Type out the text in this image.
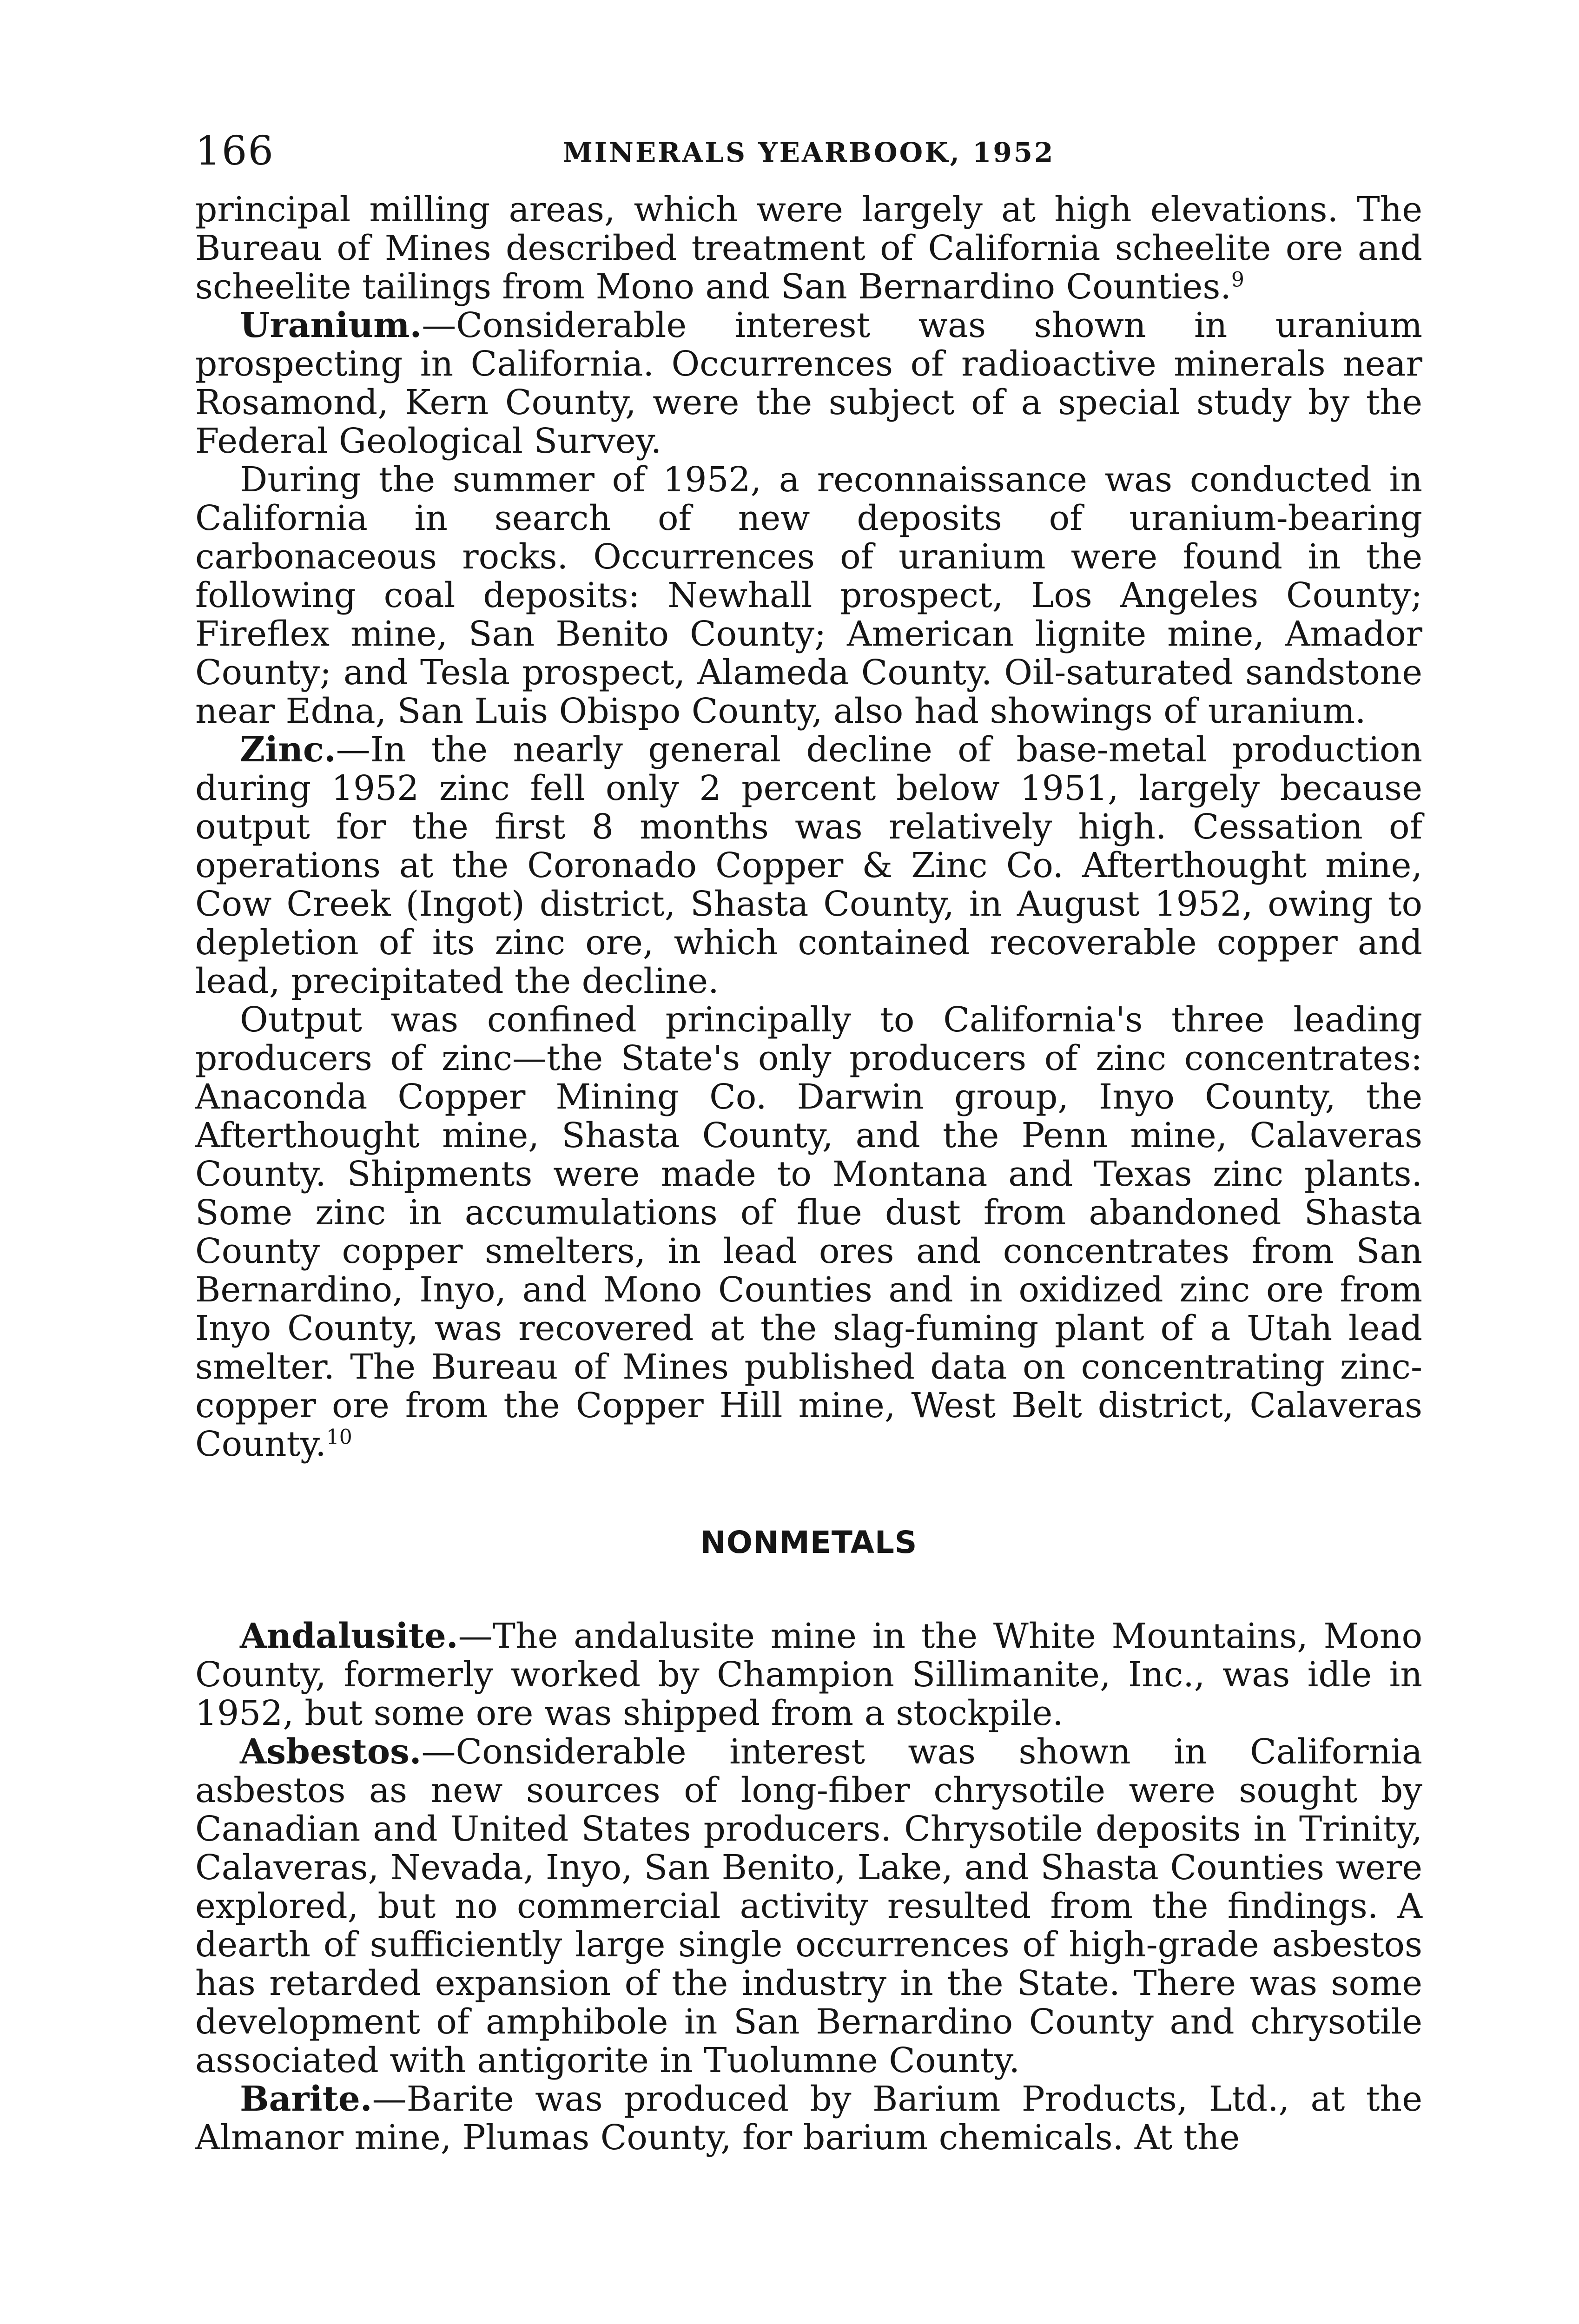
166	MINERALS YEARBOOK, 1952

principal milling areas, which were largely at high elevations. The Bureau of Mines described treatment of California scheelite ore and scheelite tailings from Mono and San Bernardino Counties.$^9$

Uranium.—Considerable interest was shown in uranium prospecting in California. Occurrences of radioactive minerals near Rosamond, Kern County, were the subject of a special study by the Federal Geological Survey.

During the summer of 1952, a reconnaissance was conducted in California in search of new deposits of uranium-bearing carbonaceous rocks. Occurrences of uranium were found in the following coal deposits: Newhall prospect, Los Angeles County; Fireflex mine, San Benito County; American lignite mine, Amador County; and Tesla prospect, Alameda County. Oil-saturated sandstone near Edna, San Luis Obispo County, also had showings of uranium.

Zinc.—In the nearly general decline of base-metal production during 1952 zinc fell only 2 percent below 1951, largely because output for the first 8 months was relatively high. Cessation of operations at the Coronado Copper & Zinc Co. Afterthought mine, Cow Creek (Ingot) district, Shasta County, in August 1952, owing to depletion of its zinc ore, which contained recoverable copper and lead, precipitated the decline.

Output was confined principally to California's three leading producers of zinc—the State's only producers of zinc concentrates: Anaconda Copper Mining Co. Darwin group, Inyo County, the Afterthought mine, Shasta County, and the Penn mine, Calaveras County. Shipments were made to Montana and Texas zinc plants. Some zinc in accumulations of flue dust from abandoned Shasta County copper smelters, in lead ores and concentrates from San Bernardino, Inyo, and Mono Counties and in oxidized zinc ore from Inyo County, was recovered at the slag-fuming plant of a Utah lead smelter. The Bureau of Mines published data on concentrating zinc-copper ore from the Copper Hill mine, West Belt district, Calaveras County.$^{10}$

NONMETALS

Andalusite.—The andalusite mine in the White Mountains, Mono County, formerly worked by Champion Sillimanite, Inc., was idle in 1952, but some ore was shipped from a stockpile.

Asbestos.—Considerable interest was shown in California asbestos as new sources of long-fiber chrysotile were sought by Canadian and United States producers. Chrysotile deposits in Trinity, Calaveras, Nevada, Inyo, San Benito, Lake, and Shasta Counties were explored, but no commercial activity resulted from the findings. A dearth of sufficiently large single occurrences of high-grade asbestos has retarded expansion of the industry in the State. There was some development of amphibole in San Bernardino County and chrysotile associated with antigorite in Tuolumne County.

Barite.—Barite was produced by Barium Products, Ltd., at the Almanor mine, Plumas County, for barium chemicals. At the
